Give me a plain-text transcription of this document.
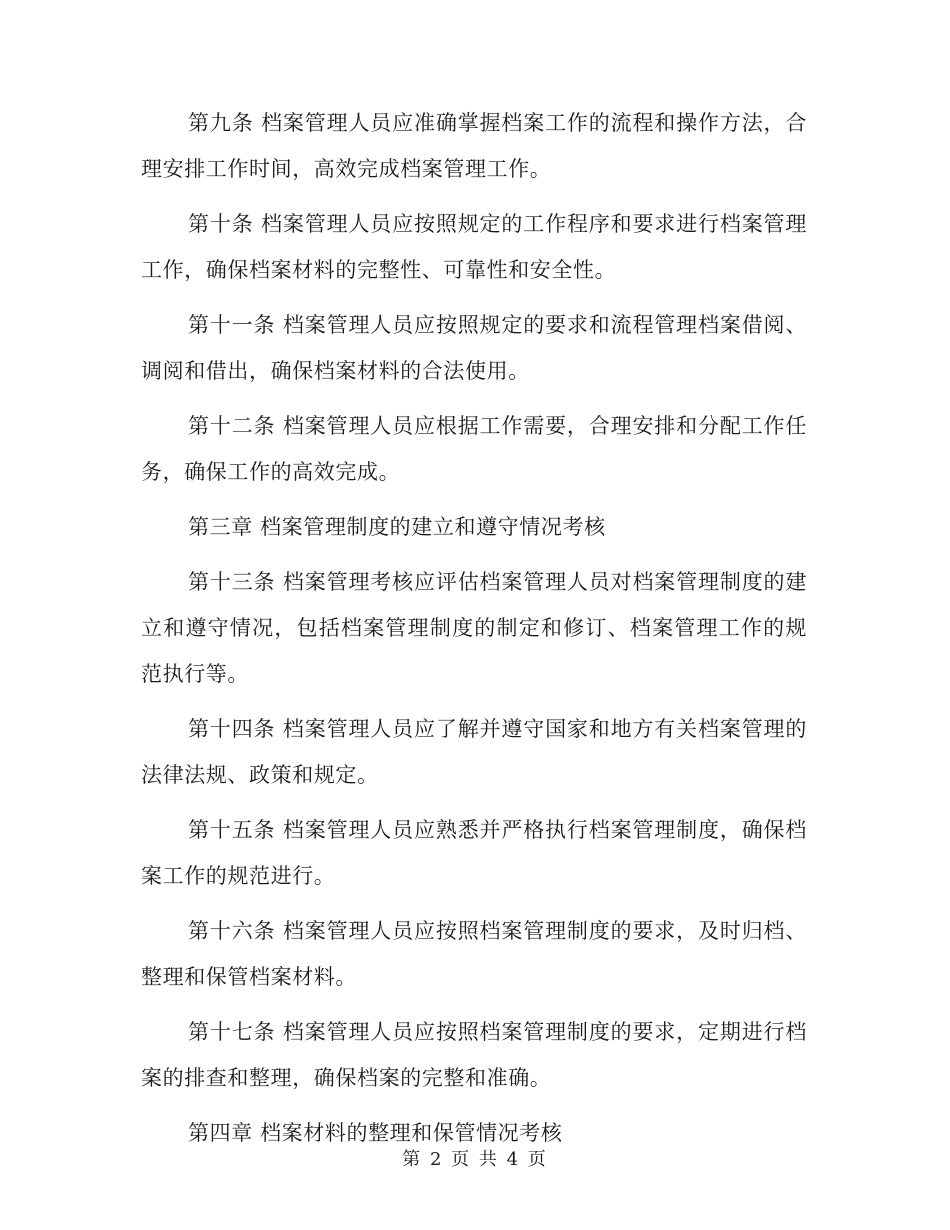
第九条 档案管理人员应准确掌握档案工作的流程和操作方法，合理安排工作时间，高效完成档案管理工作。

第十条 档案管理人员应按照规定的工作程序和要求进行档案管理工作，确保档案材料的完整性、可靠性和安全性。

第十一条 档案管理人员应按照规定的要求和流程管理档案借阅、调阅和借出，确保档案材料的合法使用。

第十二条 档案管理人员应根据工作需要，合理安排和分配工作任务，确保工作的高效完成。

第三章 档案管理制度的建立和遵守情况考核

第十三条 档案管理考核应评估档案管理人员对档案管理制度的建立和遵守情况，包括档案管理制度的制定和修订、档案管理工作的规范执行等。

第十四条 档案管理人员应了解并遵守国家和地方有关档案管理的法律法规、政策和规定。

第十五条 档案管理人员应熟悉并严格执行档案管理制度，确保档案工作的规范进行。

第十六条 档案管理人员应按照档案管理制度的要求，及时归档、整理和保管档案材料。

第十七条 档案管理人员应按照档案管理制度的要求，定期进行档案的排查和整理，确保档案的完整和准确。

第四章 档案材料的整理和保管情况考核

第 2 页 共 4 页
